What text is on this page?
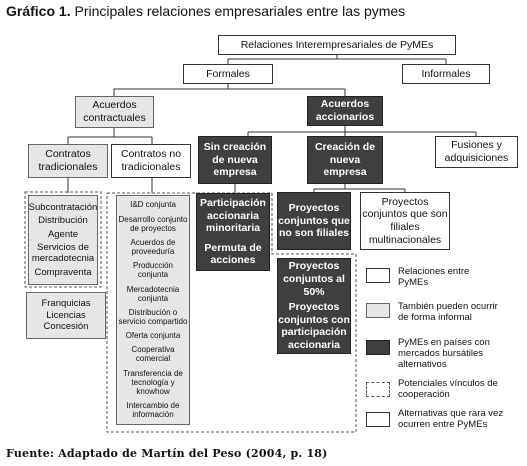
Gráfico 1. Principales relaciones empresariales entre las pymes
Relaciones Interempresariales de PyMEs
Formales	Informales
Acuerdos contractuales
Acuerdos accionarios
Contratos tradicionales
Contratos no tradicionales
Sin creación de nueva empresa
Creación de nueva empresa
Fusiones y adquisiciones
Subcontratación
Distribución
Agente
Servicios de mercadotecnia
Compraventa
Franquicias
Licencias
Concesión
I&D conjunta
Desarrollo conjunto de proyectos
Acuerdos de proveeduría
Producción conjunta
Mercadotecnia conjunta
Distribución o servicio compartido
Oferta conjunta
Cooperativa comercial
Transferencia de tecnología y knowhow
Intercambio de información
Participación accionaria minoritaria
Permuta de acciones
Proyectos conjuntos que no son filiales
Proyectos conjuntos que son filiales multinacionales
Proyectos conjuntos al 50%
Proyectos conjuntos con participación accionaria
Relaciones entre PyMEs
También pueden ocurrir de forma informal
PyMEs en países con mercados bursátiles alternativos
Potenciales vínculos de cooperación
Alternativas que rara vez ocurren entre PyMEs
Fuente: Adaptado de Martín del Peso (2004, p. 18)
